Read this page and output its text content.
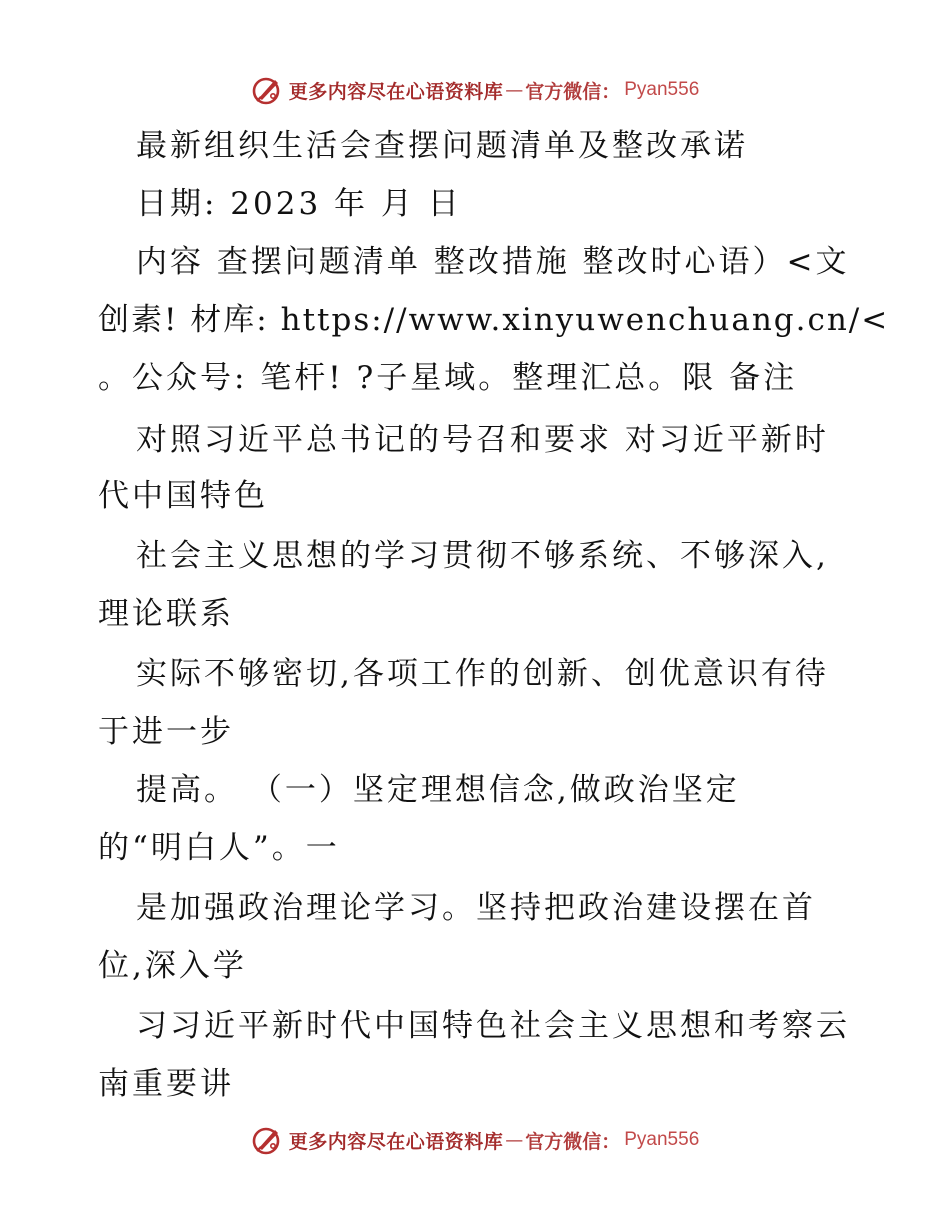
更多内容尽在心语资料库 — 官方微信： Pyan556
最新组织生活会查摆问题清单及整改承诺
日期: 2023 年 月 日
内容 查摆问题清单 整改措施 整改时心语）<文
创素! 材库: https://www.xinyuwenchuang.cn/<
。公众号: 笔杆! ?子星域。整理汇总。限 备注
对照习近平总书记的号召和要求 对习近平新时
代中国特色
社会主义思想的学习贯彻不够系统、不够深入,
理论联系
实际不够密切,各项工作的创新、创优意识有待
于进一步
提高。 （一）坚定理想信念,做政治坚定
的“明白人”。一
是加强政治理论学习。坚持把政治建设摆在首
位,深入学
习习近平新时代中国特色社会主义思想和考察云
南重要讲
更多内容尽在心语资料库 — 官方微信： Pyan556
